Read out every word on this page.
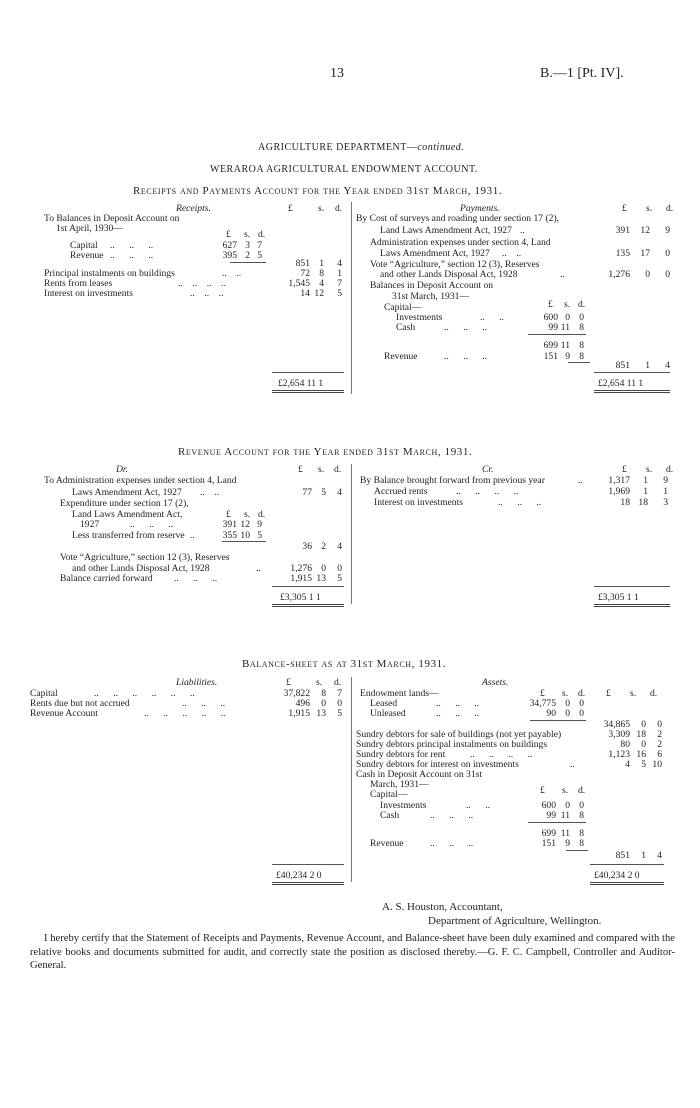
13	B.—1 [Pt. IV].
AGRICULTURE DEPARTMENT—continued.
WERAROA AGRICULTURAL ENDOWMENT ACCOUNT.
Receipts and Payments Account for the Year ended 31st March, 1931.
Receipts.	£	s. d.
To Balances in Deposit Account on
1st April, 1930—
£ s. d.
Capital ..      ..      ..	627 3 7
Revenue ..      ..      ..	395 2 5
851 1	4
Principal instalments on buildings	..    ..	72 8	1
Rents from leases	..    ..    ..    ..	1,545 4	7
Interest on investments	..    ..    ..	14 12	5
£2,654 11 1
Payments.	£ s. d.
By Cost of surveys and roading under section 17 (2),
Land Laws Amendment Act, 1927 ..	391	12	9
Administration expenses under section 4, Land
Laws Amendment Act, 1927 ..    ..	135	17	0
Vote “Agriculture,” section 12 (3), Reserves
and other Lands Disposal Act, 1928	..	1,276	0	0
Balances in Deposit Account on
31st March, 1931—
£ s. d.
Capital—
Investments	..      ..	600 0 0
Cash	..      ..      ..	99 11 8
699 11 8
Revenue	..      ..      ..	151 9 8
851	1	4
£2,654 11 1
Revenue Account for the Year ended 31st March, 1931.
Dr.	£ s. d.	Cr.	£ s. d.
To Administration expenses under section 4, Land
Laws Amendment Act, 1927 ..    ..	77 5	4
Expenditure under section 17 (2),
Land Laws Amendment Act,	£ s. d.
1927	..      ..      ..	391 12 9
Less transferred from reserve ..	355 10 5
36 2	4
Vote “Agriculture,” section 12 (3), Reserves
and other Lands Disposal Act, 1928	..	1,276 0	0
Balance carried forward ..      ..      ..	1,915 13	5
£3,305 1 1
By Balance brought forward from previous year	..	1,317	1	9
Accrued rents	..      ..      ..      ..	1,969	1	1
Interest on investments	..      ..      ..	18 18	3
£3,305 1 1
Balance-sheet as at 31st March, 1931.
Liabilities.	£	s. d.	Assets.
Capital	..      ..      ..      ..      ..      ..	37,822	8	7
Rents due but not accrued	..      ..      ..	496	0	0
Revenue Account	..      ..      ..      ..      ..	1,915 13	5
£40,234 2 0
Endowment lands—	£ s. d. £ s. d.
Leased	..      ..      ..	34,775 0 0
Unleased	..      ..      ..	90 0 0
34,865	0	0
Sundry debtors for sale of buildings (not yet payable)	3,309 18	2
Sundry debtors principal instalments on buildings	80	0	2
Sundry debtors for rent	..      ..      ..      ..	1,123 16	6
Sundry debtors for interest on investments	..	4	5 10
Cash in Deposit Account on 31st
March, 1931—
£ s. d.
Capital—
Investments	..      ..	600 0 0
Cash	..      ..      ..	99 11 8
699 11 8
Revenue	..      ..      ..	151 9 8
851	1	4
£40,234 2 0
A. S. Houston, Accountant,
Department of Agriculture, Wellington.
I hereby certify that the Statement of Receipts and Payments, Revenue Account, and Balance-sheet have been duly examined and compared with the relative books and documents submitted for audit, and correctly state the position as disclosed thereby.—G. F. C. Campbell, Controller and Auditor-General.
